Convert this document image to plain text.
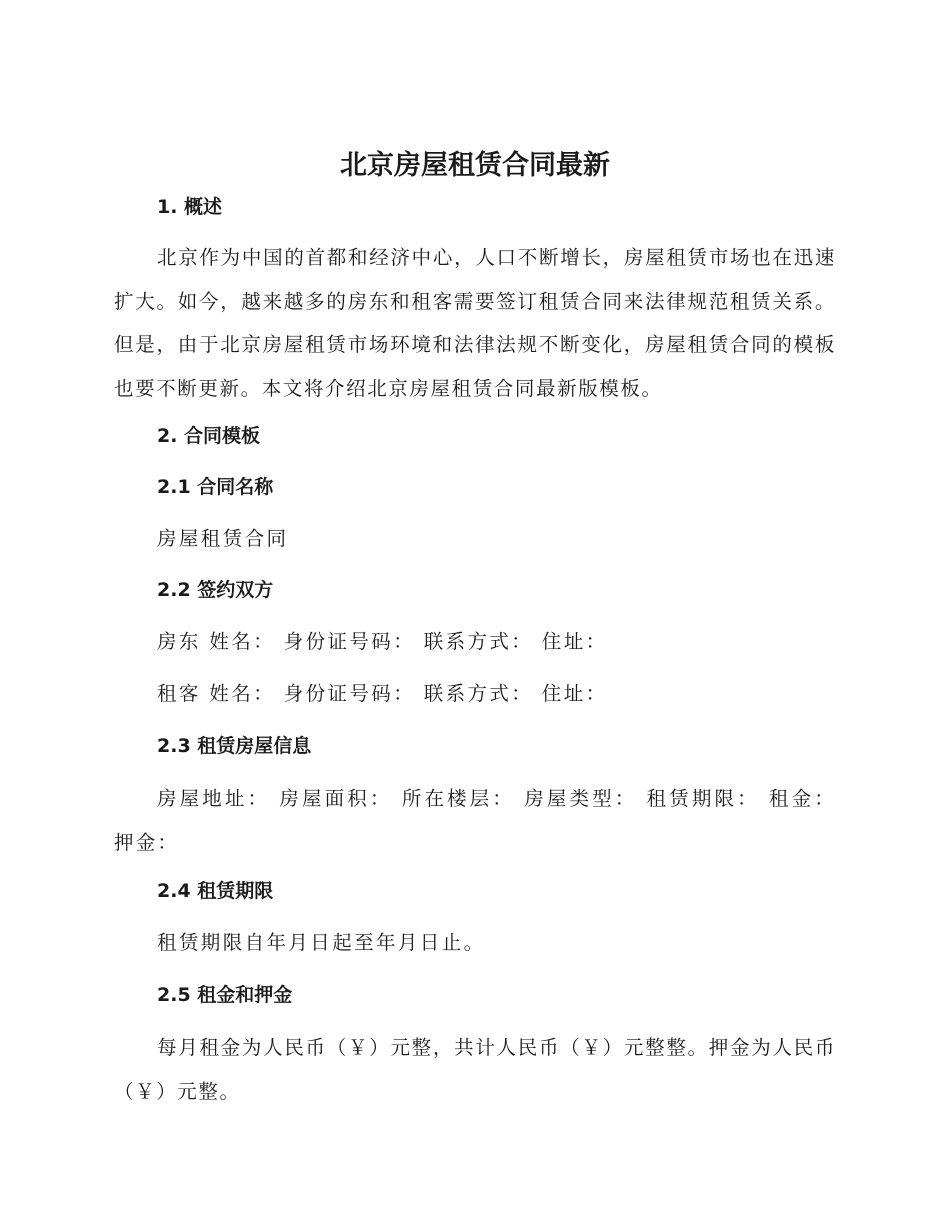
北京房屋租赁合同最新
1. 概述

北京作为中国的首都和经济中心，人口不断增长，房屋租赁市场也在迅速扩大。如今，越来越多的房东和租客需要签订租赁合同来法律规范租赁关系。但是，由于北京房屋租赁市场环境和法律法规不断变化，房屋租赁合同的模板也要不断更新。本文将介绍北京房屋租赁合同最新版模板。

2. 合同模板
2.1 合同名称

房屋租赁合同

2.2 签约双方

房东 姓名： 身份证号码： 联系方式： 住址：

租客 姓名： 身份证号码： 联系方式： 住址：

2.3 租赁房屋信息

房屋地址： 房屋面积： 所在楼层： 房屋类型： 租赁期限： 租金： 押金：

2.4 租赁期限

租赁期限自年月日起至年月日止。

2.5 租金和押金

每月租金为人民币（￥）元整，共计人民币（￥）元整整。押金为人民币（￥）元整。
